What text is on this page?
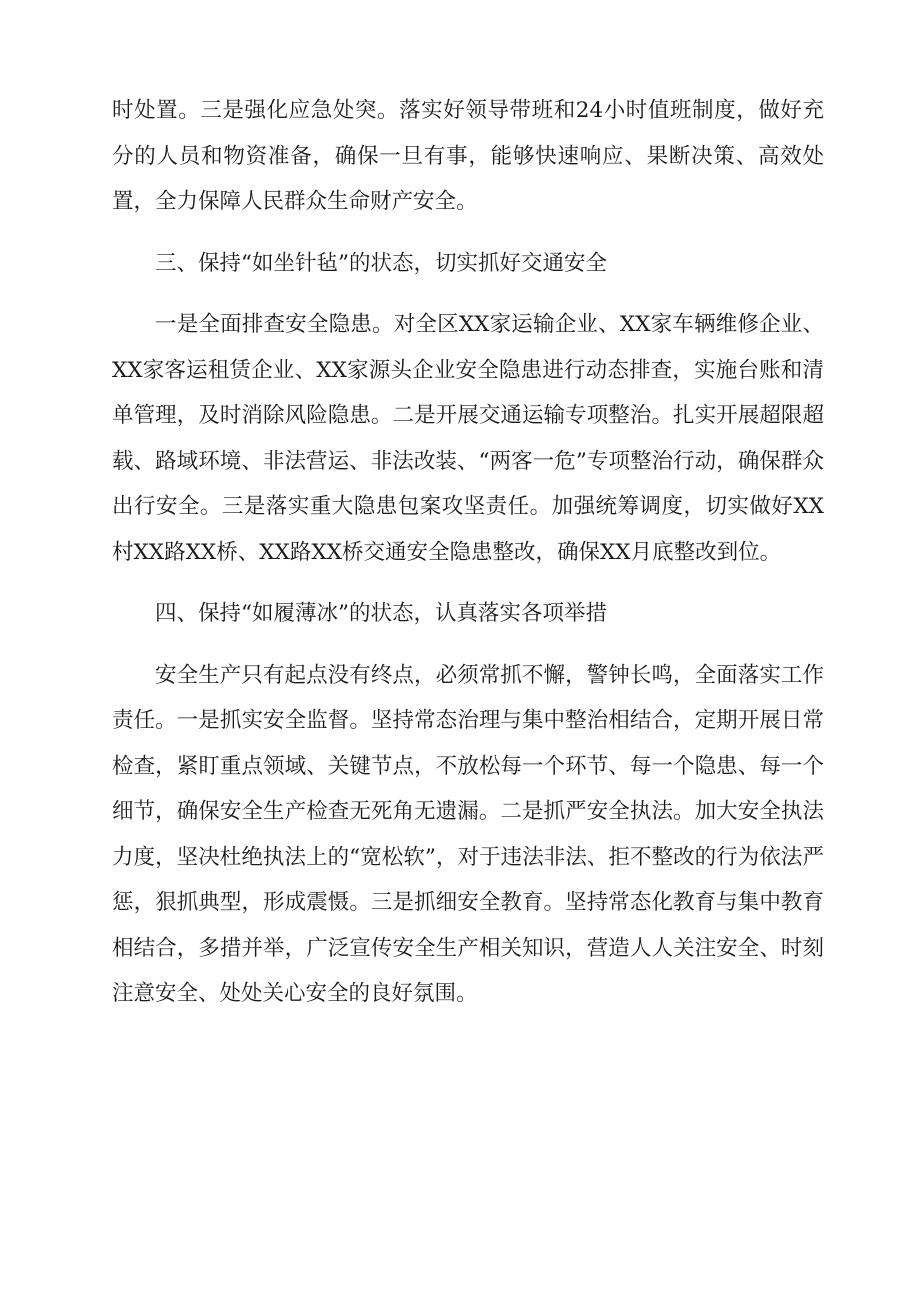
时处置。三是强化应急处突。落实好领导带班和24小时值班制度，做好充分的人员和物资准备，确保一旦有事，能够快速响应、果断决策、高效处置，全力保障人民群众生命财产安全。

三、保持“如坐针毡”的状态，切实抓好交通安全

一是全面排查安全隐患。对全区XX家运输企业、XX家车辆维修企业、XX家客运租赁企业、XX家源头企业安全隐患进行动态排查，实施台账和清单管理，及时消除风险隐患。二是开展交通运输专项整治。扎实开展超限超载、路域环境、非法营运、非法改装、“两客一危”专项整治行动，确保群众出行安全。三是落实重大隐患包案攻坚责任。加强统筹调度，切实做好XX村XX路XX桥、XX路XX桥交通安全隐患整改，确保XX月底整改到位。

四、保持“如履薄冰”的状态，认真落实各项举措

安全生产只有起点没有终点，必须常抓不懈，警钟长鸣，全面落实工作责任。一是抓实安全监督。坚持常态治理与集中整治相结合，定期开展日常检查，紧盯重点领域、关键节点，不放松每一个环节、每一个隐患、每一个细节，确保安全生产检查无死角无遗漏。二是抓严安全执法。加大安全执法力度，坚决杜绝执法上的“宽松软”，对于违法非法、拒不整改的行为依法严惩，狠抓典型，形成震慑。三是抓细安全教育。坚持常态化教育与集中教育相结合，多措并举，广泛宣传安全生产相关知识，营造人人关注安全、时刻注意安全、处处关心安全的良好氛围。
